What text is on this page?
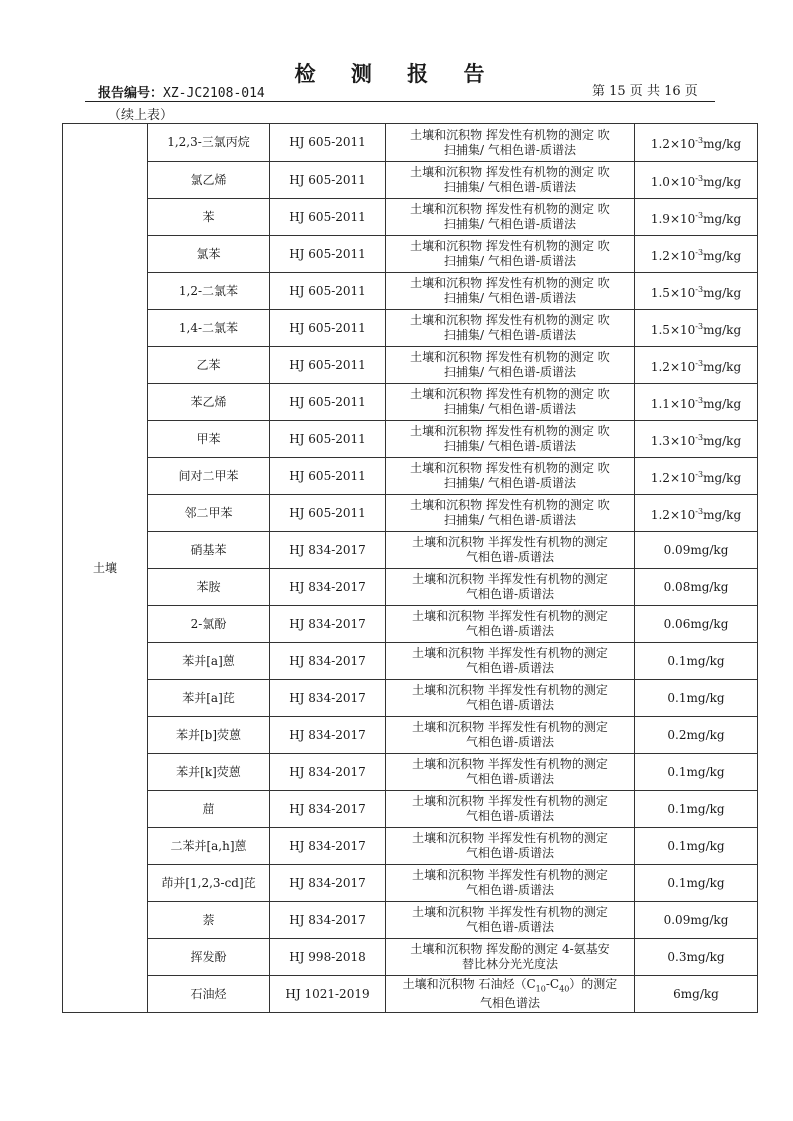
检 测 报 告
报告编号：XZ-JC2108-014	第 15 页 共 16 页
（续上表）
土壤	1,2,3-三氯丙烷	HJ 605-2011	土壤和沉积物 挥发性有机物的测定 吹
扫捕集/ 气相色谱-质谱法	$1.2\times 10^{-3}mg/kg$
	氯乙烯	HJ 605-2011	土壤和沉积物 挥发性有机物的测定 吹
扫捕集/ 气相色谱-质谱法	$1.0\times 10^{-3}mg/kg$
	苯	HJ 605-2011	土壤和沉积物 挥发性有机物的测定 吹
扫捕集/ 气相色谱-质谱法	$1.9\times 10^{-3}mg/kg$
	氯苯	HJ 605-2011	土壤和沉积物 挥发性有机物的测定 吹
扫捕集/ 气相色谱-质谱法	$1.2\times 10^{-3}mg/kg$
	1,2-二氯苯	HJ 605-2011	土壤和沉积物 挥发性有机物的测定 吹
扫捕集/ 气相色谱-质谱法	$1.5\times 10^{-3}mg/kg$
	1,4-二氯苯	HJ 605-2011	土壤和沉积物 挥发性有机物的测定 吹
扫捕集/ 气相色谱-质谱法	$1.5\times 10^{-3}mg/kg$
	乙苯	HJ 605-2011	土壤和沉积物 挥发性有机物的测定 吹
扫捕集/ 气相色谱-质谱法	$1.2\times 10^{-3}mg/kg$
	苯乙烯	HJ 605-2011	土壤和沉积物 挥发性有机物的测定 吹
扫捕集/ 气相色谱-质谱法	$1.1\times 10^{-3}mg/kg$
	甲苯	HJ 605-2011	土壤和沉积物 挥发性有机物的测定 吹
扫捕集/ 气相色谱-质谱法	$1.3\times 10^{-3}mg/kg$
	间对二甲苯	HJ 605-2011	土壤和沉积物 挥发性有机物的测定 吹
扫捕集/ 气相色谱-质谱法	$1.2\times 10^{-3}mg/kg$
	邻二甲苯	HJ 605-2011	土壤和沉积物 挥发性有机物的测定 吹
扫捕集/ 气相色谱-质谱法	$1.2\times 10^{-3}mg/kg$
	硝基苯	HJ 834-2017	土壤和沉积物 半挥发性有机物的测定
气相色谱-质谱法	0.09mg/kg
	苯胺	HJ 834-2017	土壤和沉积物 半挥发性有机物的测定
气相色谱-质谱法	0.08mg/kg
	2-氯酚	HJ 834-2017	土壤和沉积物 半挥发性有机物的测定
气相色谱-质谱法	0.06mg/kg
	苯并[a]蒽	HJ 834-2017	土壤和沉积物 半挥发性有机物的测定
气相色谱-质谱法	0.1mg/kg
	苯并[a]芘	HJ 834-2017	土壤和沉积物 半挥发性有机物的测定
气相色谱-质谱法	0.1mg/kg
	苯并[b]荧蒽	HJ 834-2017	土壤和沉积物 半挥发性有机物的测定
气相色谱-质谱法	0.2mg/kg
	苯并[k]荧蒽	HJ 834-2017	土壤和沉积物 半挥发性有机物的测定
气相色谱-质谱法	0.1mg/kg
	䓛	HJ 834-2017	土壤和沉积物 半挥发性有机物的测定
气相色谱-质谱法	0.1mg/kg
	二苯并[a,h]蒽	HJ 834-2017	土壤和沉积物 半挥发性有机物的测定
气相色谱-质谱法	0.1mg/kg
	茚并[1,2,3-cd]芘	HJ 834-2017	土壤和沉积物 半挥发性有机物的测定
气相色谱-质谱法	0.1mg/kg
	萘	HJ 834-2017	土壤和沉积物 半挥发性有机物的测定
气相色谱-质谱法	0.09mg/kg
	挥发酚	HJ 998-2018	土壤和沉积物 挥发酚的测定 4-氨基安
替比林分光光度法	0.3mg/kg
	石油烃	HJ 1021-2019	土壤和沉积物 石油烃$(C_{10}-C_{40})$的测定
气相色谱法	6mg/kg
